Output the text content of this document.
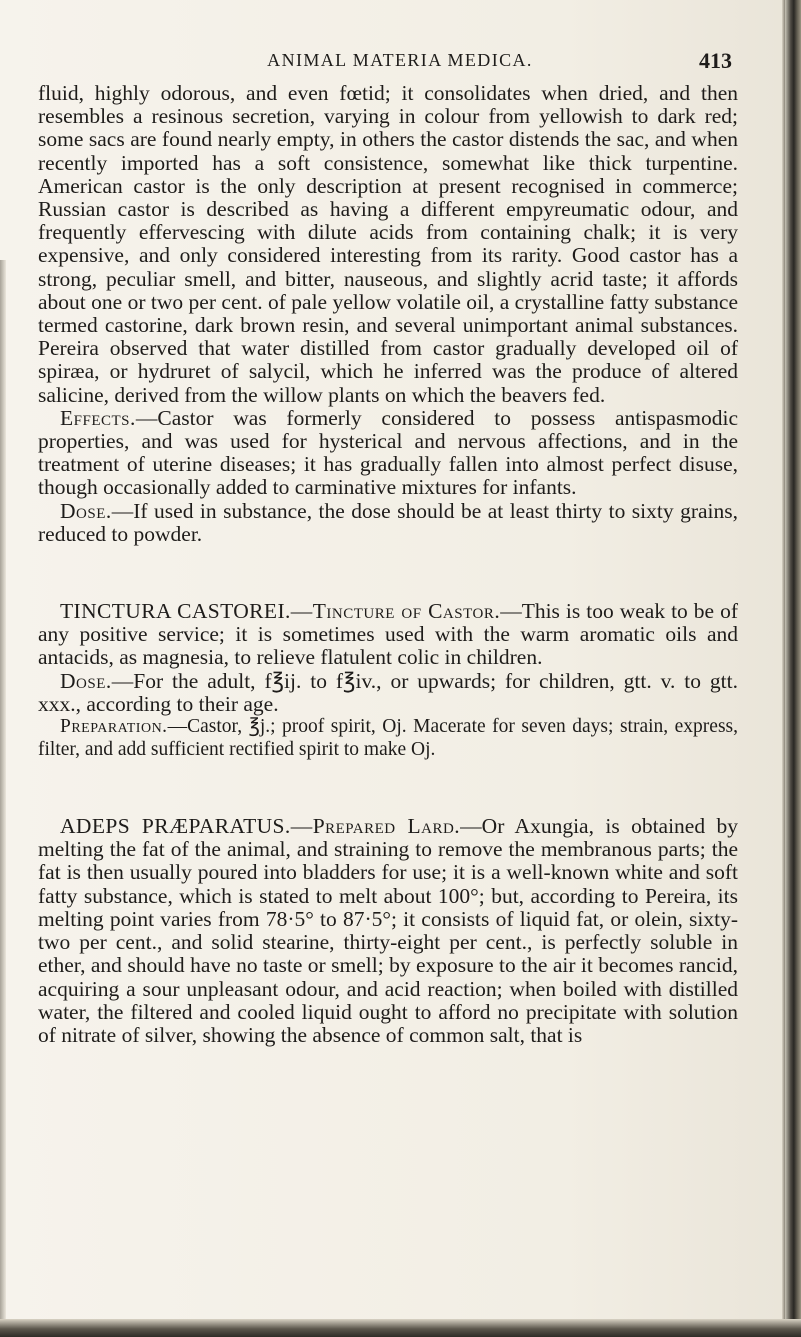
ANIMAL MATERIA MEDICA.	413

fluid, highly odorous, and even fœtid; it consolidates when dried, and then resembles a resinous secretion, varying in colour from yellowish to dark red; some sacs are found nearly empty, in others the castor distends the sac, and when recently imported has a soft consistence, somewhat like thick turpentine. American castor is the only description at present recognised in commerce; Russian castor is described as having a different empyreumatic odour, and frequently effervescing with dilute acids from containing chalk; it is very expensive, and only considered interesting from its rarity. Good castor has a strong, peculiar smell, and bitter, nauseous, and slightly acrid taste; it affords about one or two per cent. of pale yellow volatile oil, a crystalline fatty substance termed castorine, dark brown resin, and several unimportant animal substances. Pereira observed that water distilled from castor gradually developed oil of spiræa, or hydruret of salycil, which he inferred was the produce of altered salicine, derived from the willow plants on which the beavers fed.

Effects.—Castor was formerly considered to possess antispasmodic properties, and was used for hysterical and nervous affections, and in the treatment of uterine diseases; it has gradually fallen into almost perfect disuse, though occasionally added to carminative mixtures for infants.

Dose.—If used in substance, the dose should be at least thirty to sixty grains, reduced to powder.

TINCTURA CASTOREI.—Tincture of Castor.—This is too weak to be of any positive service; it is sometimes used with the warm aromatic oils and antacids, as magnesia, to relieve flatulent colic in children.

Dose.—For the adult, f℥ij. to f℥iv., or upwards; for children, gtt. v. to gtt. xxx., according to their age.

Preparation.—Castor, ℥j.; proof spirit, Oj. Macerate for seven days; strain, express, filter, and add sufficient rectified spirit to make Oj.

ADEPS PRÆPARATUS.—Prepared Lard.—Or Axungia, is obtained by melting the fat of the animal, and straining to remove the membranous parts; the fat is then usually poured into bladders for use; it is a well-known white and soft fatty substance, which is stated to melt about 100°; but, according to Pereira, its melting point varies from 78·5° to 87·5°; it consists of liquid fat, or olein, sixty-two per cent., and solid stearine, thirty-eight per cent., is perfectly soluble in ether, and should have no taste or smell; by exposure to the air it becomes rancid, acquiring a sour unpleasant odour, and acid reaction; when boiled with distilled water, the filtered and cooled liquid ought to afford no precipitate with solution of nitrate of silver, showing the absence of common salt, that is
